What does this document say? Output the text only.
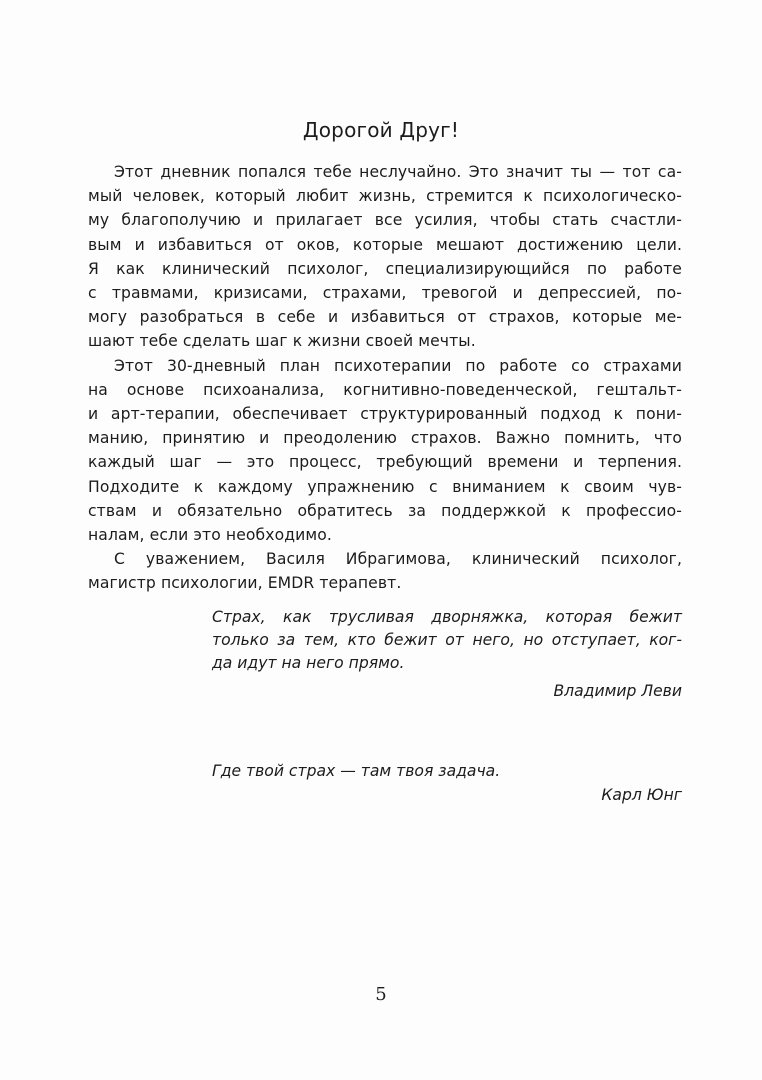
Дорогой Друг!
Этот дневник попался тебе неслучайно. Это значит ты — тот са-
мый человек, который любит жизнь, стремится к психологическо-
му благополучию и прилагает все усилия, чтобы стать счастли-
вым и избавиться от оков, которые мешают достижению цели.
Я как клинический психолог, специализирующийся по работе
с травмами, кризисами, страхами, тревогой и депрессией, по-
могу разобраться в себе и избавиться от страхов, которые ме-
шают тебе сделать шаг к жизни своей мечты.
Этот 30-дневный план психотерапии по работе со страхами
на основе психоанализа, когнитивно-поведенческой, гештальт-
и арт-терапии, обеспечивает структурированный подход к пони-
манию, принятию и преодолению страхов. Важно помнить, что
каждый шаг — это процесс, требующий времени и терпения.
Подходите к каждому упражнению с вниманием к своим чув-
ствам и обязательно обратитесь за поддержкой к профессио-
налам, если это необходимо.
С уважением, Василя Ибрагимова, клинический психолог,
магистр психологии, EMDR терапевт.
Страх, как трусливая дворняжка, которая бежит
только за тем, кто бежит от него, но отступает, ког-
да идут на него прямо.
Владимир Леви
Где твой страх — там твоя задача.
Карл Юнг
5
